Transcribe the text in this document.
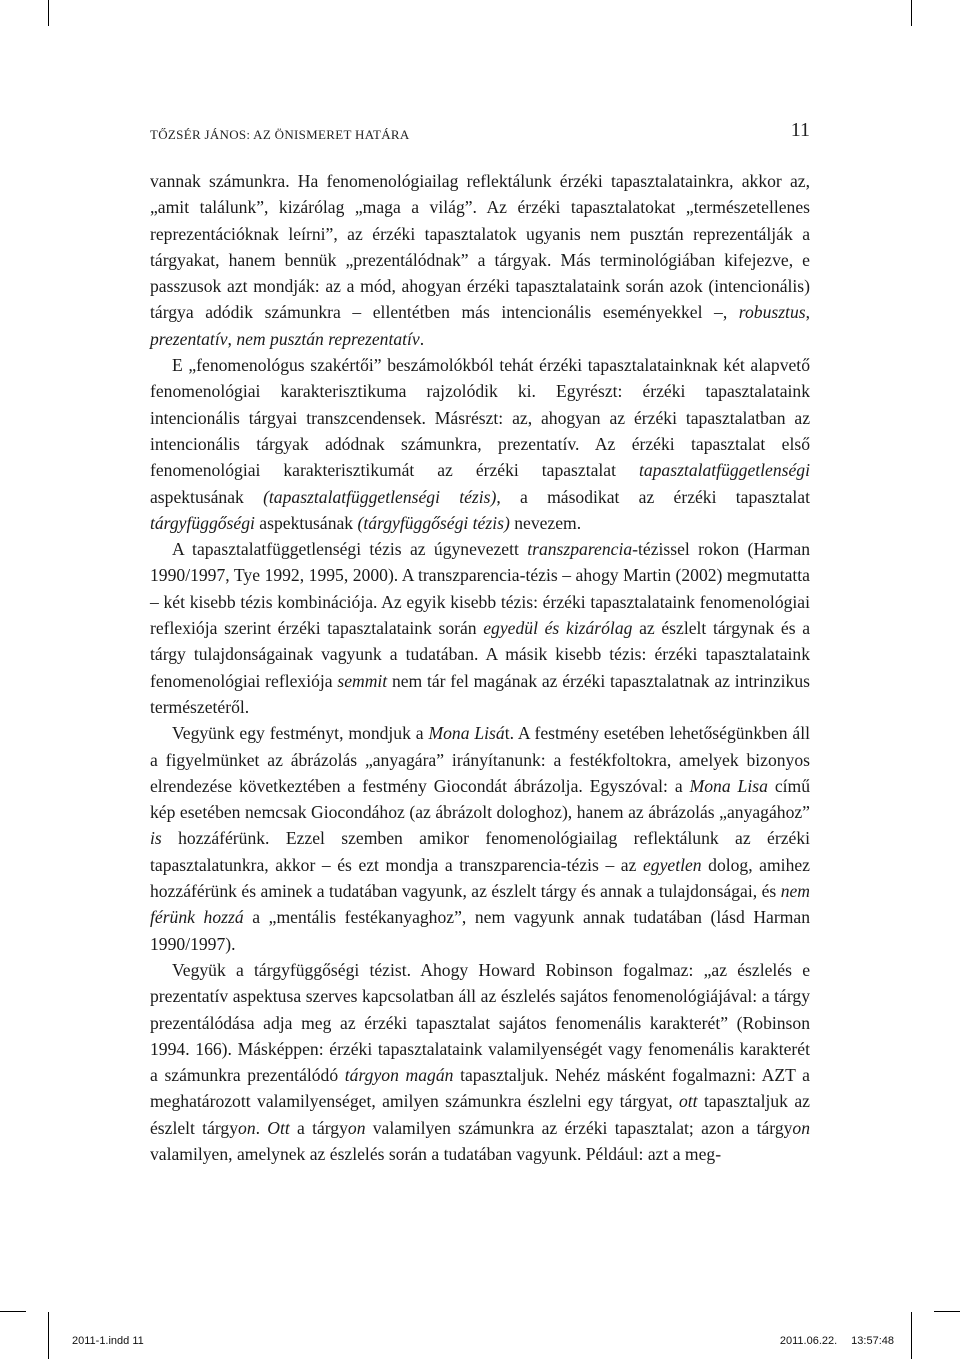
TŐZSÉR JÁNOS: AZ ÖNISMERET HATÁRA	11

vannak számunkra. Ha fenomenológiailag reflektálunk érzéki tapasztalatainkra, akkor az, „amit találunk”, kizárólag „maga a világ”. Az érzéki tapasztalatokat „természetellenes reprezentációknak leírni”, az érzéki tapasztalatok ugyanis nem pusztán reprezentálják a tárgyakat, hanem bennük „prezentálódnak” a tárgyak. Más terminológiában kifejezve, e passzusok azt mondják: az a mód, ahogyan érzéki tapasztalataink során azok (intencionális) tárgya adódik számunkra – ellentétben más intencionális eseményekkel –, robusztus, prezentatív, nem pusztán reprezentatív.

E „fenomenológus szakértői” beszámolókból tehát érzéki tapasztalatainknak két alapvető fenomenológiai karakterisztikuma rajzolódik ki. Egyrészt: érzéki tapasztalataink intencionális tárgyai transzcendensek. Másrészt: az, ahogyan az érzéki tapasztalatban az intencionális tárgyak adódnak számunkra, prezentatív. Az érzéki tapasztalat első fenomenológiai karakterisztikumát az érzéki tapasztalat tapasztalatfüggetlenségi aspektusának (tapasztalatfüggetlenségi tézis), a másodikat az érzéki tapasztalat tárgyfüggőségi aspektusának (tárgyfüggőségi tézis) nevezem.

A tapasztalatfüggetlenségi tézis az úgynevezett transzparencia-tézissel rokon (Harman 1990/1997, Tye 1992, 1995, 2000). A transzparencia-tézis – ahogy Martin (2002) megmutatta – két kisebb tézis kombinációja. Az egyik kisebb tézis: érzéki tapasztalataink fenomenológiai reflexiója szerint érzéki tapasztalataink során egyedül és kizárólag az észlelt tárgynak és a tárgy tulajdonságainak vagyunk a tudatában. A másik kisebb tézis: érzéki tapasztalataink fenomenológiai reflexiója semmit nem tár fel magának az érzéki tapasztalatnak az intrinzikus természetéről.

Vegyünk egy festményt, mondjuk a Mona Lisát. A festmény esetében lehetőségünkben áll a figyelmünket az ábrázolás „anyagára” irányítanunk: a festékfoltokra, amelyek bizonyos elrendezése következtében a festmény Giocondát ábrázolja. Egyszóval: a Mona Lisa című kép esetében nemcsak Giocondához (az ábrázolt dologhoz), hanem az ábrázolás „anyagához” is hozzáférünk. Ezzel szemben amikor fenomenológiailag reflektálunk az érzéki tapasztalatunkra, akkor – és ezt mondja a transzparencia-tézis – az egyetlen dolog, amihez hozzáférünk és aminek a tudatában vagyunk, az észlelt tárgy és annak a tulajdonságai, és nem férünk hozzá a „mentális festékanyaghoz”, nem vagyunk annak tudatában (lásd Harman 1990/1997).

Vegyük a tárgyfüggőségi tézist. Ahogy Howard Robinson fogalmaz: „az észlelés e prezentatív aspektusa szerves kapcsolatban áll az észlelés sajátos fenomenológiájával: a tárgy prezentálódása adja meg az érzéki tapasztalat sajátos fenomenális karakterét” (Robinson 1994. 166). Másképpen: érzéki tapasztalataink valamilyenségét vagy fenomenális karakterét a számunkra prezentálódó tárgyon magán tapasztaljuk. Nehéz másként fogalmazni: AZT a meghatározott valamilyenséget, amilyen számunkra észlelni egy tárgyat, ott tapasztaljuk az észlelt tárgyon. Ott a tárgyon valamilyen számunkra az érzéki tapasztalat; azon a tárgyon valamilyen, amelynek az észlelés során a tudatában vagyunk. Például: azt a meg-

2011-1.indd 11	2011.06.22. 13:57:48
